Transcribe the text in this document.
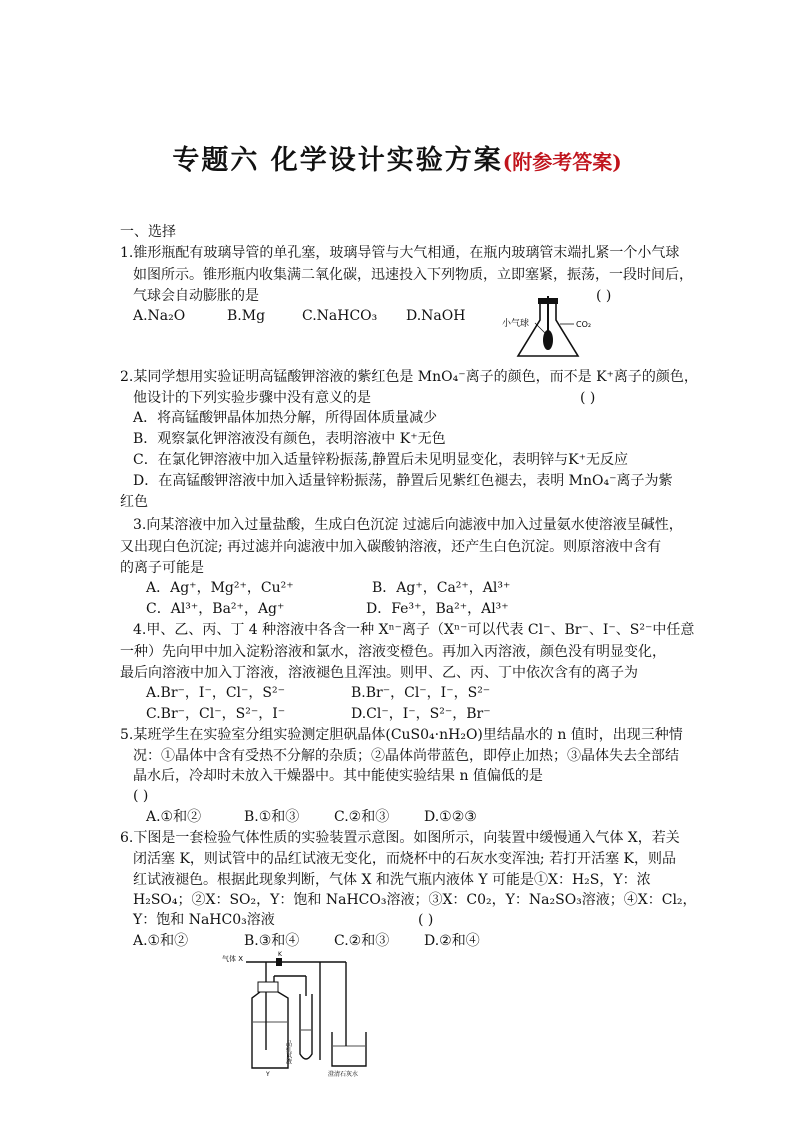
专题六 化学设计实验方案(附参考答案)
一、选择
1.锥形瓶配有玻璃导管的单孔塞，玻璃导管与大气相通，在瓶内玻璃管末端扎紧一个小气球
如图所示。锥形瓶内收集满二氧化碳，迅速投入下列物质，立即塞紧，振荡，一段时间后，
气球会自动膨胀的是	( )
A.Na₂O	B.Mg	C.NaHCO₃ D.NaOH	小气球	CO₂
2.某同学想用实验证明高锰酸钾溶液的紫红色是 MnO₄⁻离子的颜色，而不是 K⁺离子的颜色，
他设计的下列实验步骤中没有意义的是	( )
A．将高锰酸钾晶体加热分解，所得固体质量减少
B．观察氯化钾溶液没有颜色，表明溶液中 K⁺无色
C．在氯化钾溶液中加入适量锌粉振荡,静置后未见明显变化，表明锌与K⁺无反应
D．在高锰酸钾溶液中加入适量锌粉振荡，静置后见紫红色褪去，表明 MnO₄⁻离子为紫
红色
3.向某溶液中加入过量盐酸，生成白色沉淀 过滤后向滤液中加入过量氨水使溶液呈碱性，
又出现白色沉淀; 再过滤并向滤液中加入碳酸钠溶液，还产生白色沉淀。则原溶液中含有
的离子可能是
A．Ag⁺，Mg²⁺，Cu²⁺	B．Ag⁺，Ca²⁺，Al³⁺
C．Al³⁺，Ba²⁺，Ag⁺	D．Fe³⁺，Ba²⁺，Al³⁺
4.甲、乙、丙、丁 4 种溶液中各含一种 Xⁿ⁻离子（Xⁿ⁻可以代表 Cl⁻、Br⁻、I⁻、S²⁻中任意
一种）先向甲中加入淀粉溶液和氯水，溶液变橙色。再加入丙溶液，颜色没有明显变化，
最后向溶液中加入丁溶液，溶液褪色且浑浊。则甲、乙、丙、丁中依次含有的离子为
A.Br⁻，I⁻，Cl⁻，S²⁻	B.Br⁻，Cl⁻，I⁻，S²⁻
C.Br⁻，Cl⁻，S²⁻，I⁻	D.Cl⁻，I⁻，S²⁻，Br⁻
5.某班学生在实验室分组实验测定胆矾晶体(CuS0₄·nH₂O)里结晶水的 n 值时，出现三种情
况：①晶体中含有受热不分解的杂质；②晶体尚带蓝色，即停止加热；③晶体失去全部结
晶水后，冷却时未放入干燥器中。其中能使实验结果 n 值偏低的是
( )
A.①和②	B.①和③ C.②和③ D.①②③
6.下图是一套检验气体性质的实验装置示意图。如图所示，向装置中缓慢通入气体 X，若关
闭活塞 K，则试管中的品红试液无变化，而烧杯中的石灰水变浑浊; 若打开活塞 K，则品
红试液褪色。根据此现象判断，气体 X 和洗气瓶内液体 Y 可能是①X：H₂S，Y：浓
H₂SO₄；②X：SO₂，Y：饱和 NaHCO₃溶液；③X：C0₂，Y：Na₂SO₃溶液；④X：Cl₂，
Y：饱和 NaHC0₃溶液	( )
A.①和②	B.③和④ C.②和③ D.②和④
气体 X
K
Y
品红试液
澄清石灰水
